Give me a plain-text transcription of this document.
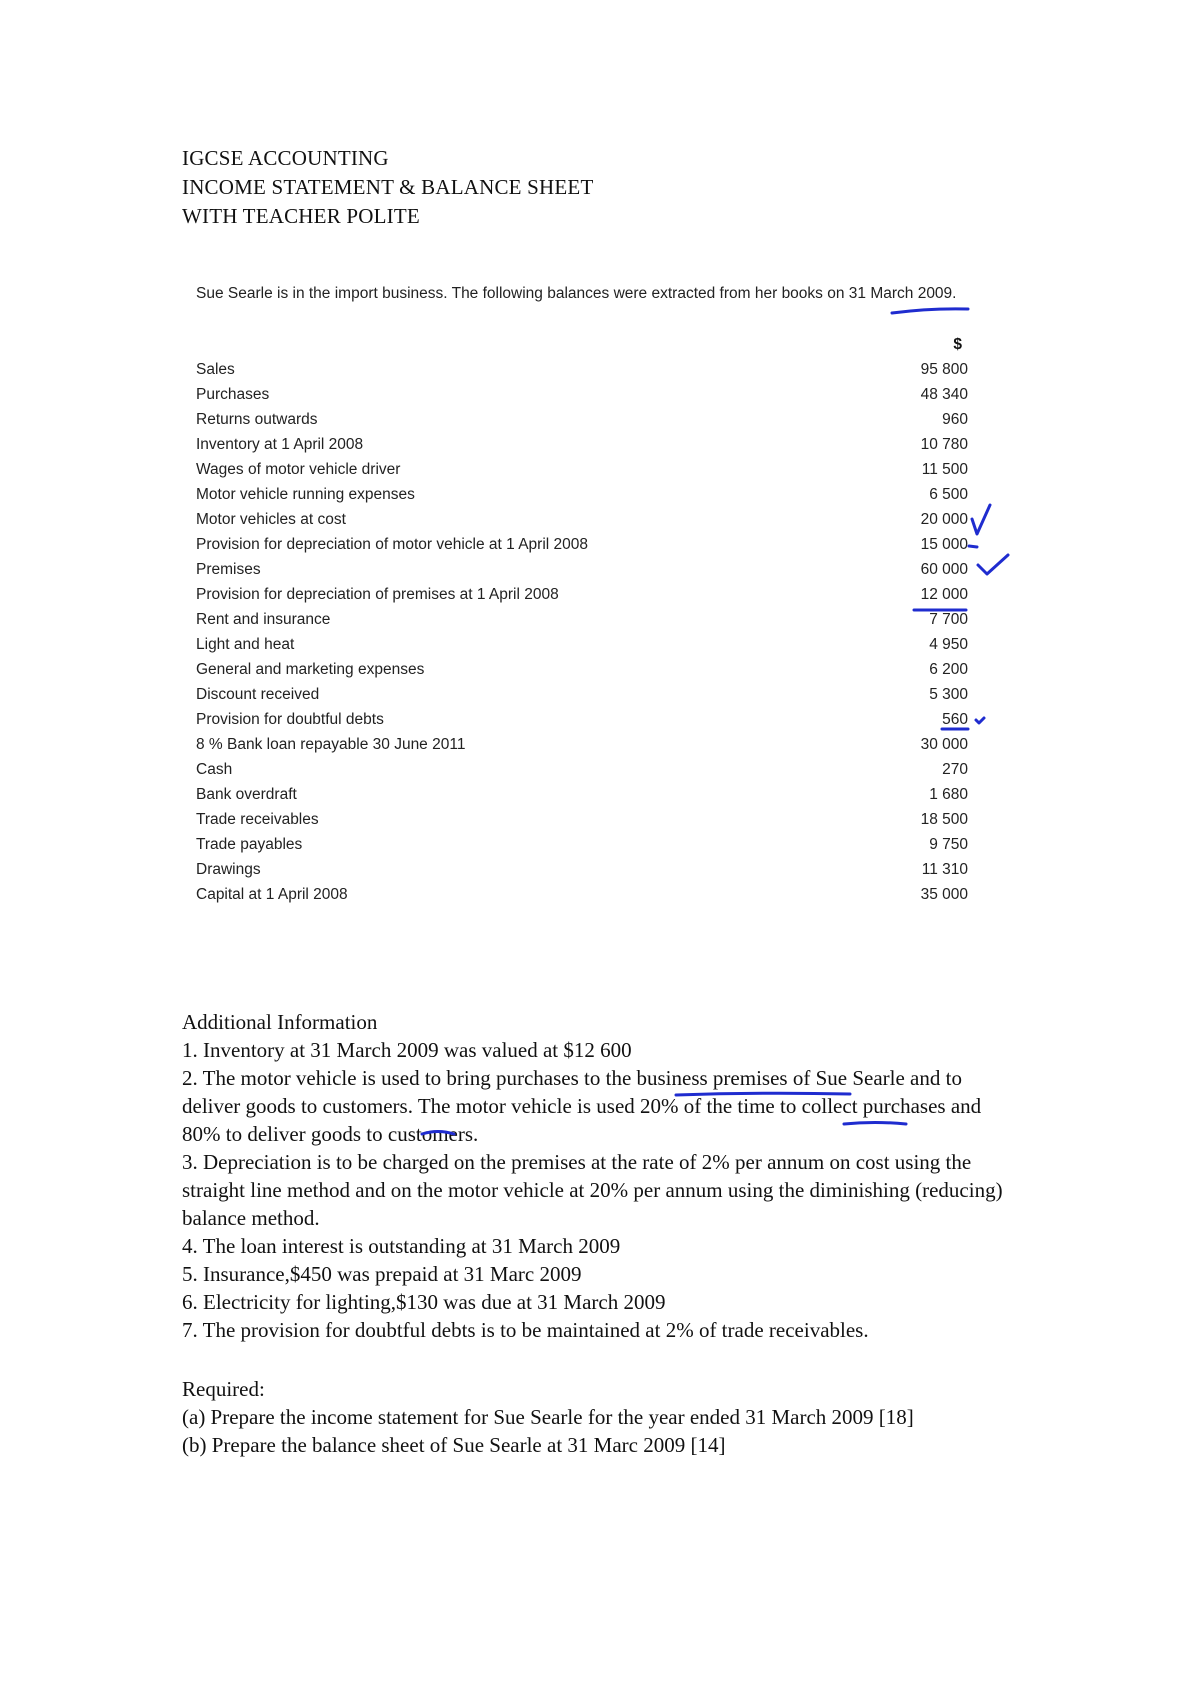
IGCSE ACCOUNTING
INCOME STATEMENT & BALANCE SHEET
WITH TEACHER POLITE
Sue Searle is in the import business. The following balances were extracted from her books on 31 March 2009.
$
Sales	95 800
Purchases	48 340
Returns outwards	960
Inventory at 1 April 2008	10 780
Wages of motor vehicle driver	11 500
Motor vehicle running expenses	6 500
Motor vehicles at cost	20 000
Provision for depreciation of motor vehicle at 1 April 2008	15 000
Premises	60 000
Provision for depreciation of premises at 1 April 2008	12 000
Rent and insurance	7 700
Light and heat	4 950
General and marketing expenses	6 200
Discount received	5 300
Provision for doubtful debts	560
8 % Bank loan repayable 30 June 2011	30 000
Cash	270
Bank overdraft	1 680
Trade receivables	18 500
Trade payables	9 750
Drawings	11 310
Capital at 1 April 2008	35 000
Additional Information
1. Inventory at 31 March 2009 was valued at $12 600
2. The motor vehicle is used to bring purchases to the business premises of Sue Searle and to deliver goods to customers. The motor vehicle is used 20% of the time to collect purchases and 80% to deliver goods to customers.
3. Depreciation is to be charged on the premises at the rate of 2% per annum on cost using the straight line method and on the motor vehicle at 20% per annum using the diminishing (reducing) balance method.
4. The loan interest is outstanding at 31 March 2009
5. Insurance,$450 was prepaid at 31 Marc 2009
6. Electricity for lighting,$130 was due at 31 March 2009
7. The provision for doubtful debts is to be maintained at 2% of trade receivables.
Required:
(a) Prepare the income statement for Sue Searle for the year ended 31 March 2009 [18]
(b) Prepare the balance sheet of Sue Searle at 31 Marc 2009 [14]
